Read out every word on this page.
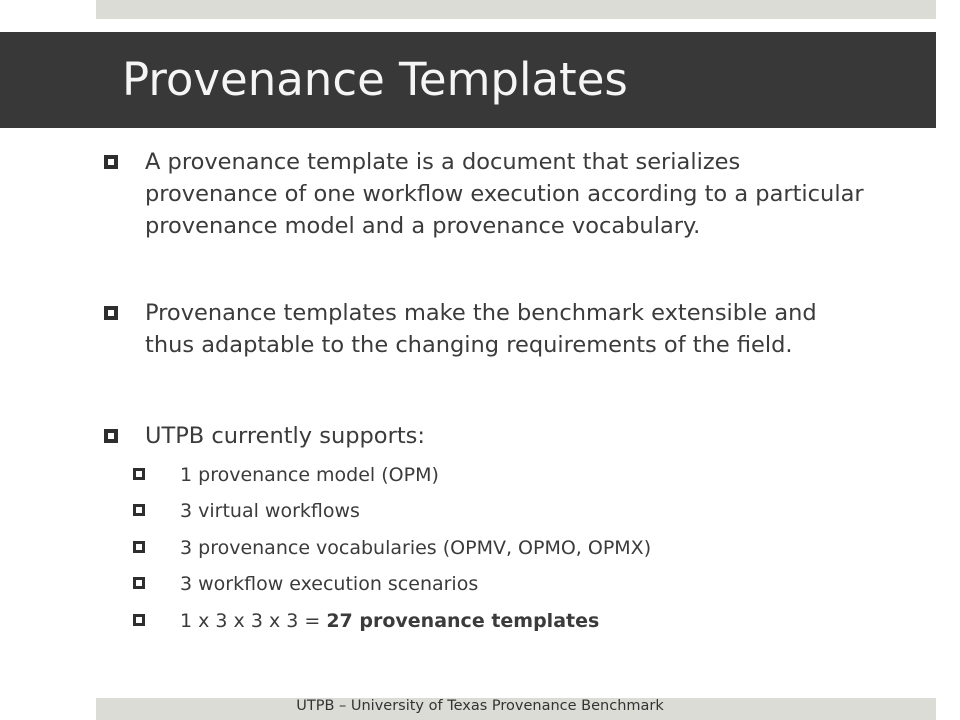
Provenance Templates
A provenance template is a document that serializes provenance of one workflow execution according to a particular provenance model and a provenance vocabulary.
Provenance templates make the benchmark extensible and thus adaptable to the changing requirements of the field.
UTPB currently supports:
1 provenance model (OPM)
3 virtual workflows
3 provenance vocabularies (OPMV, OPMO, OPMX)
3 workflow execution scenarios
1 x 3 x 3 x 3 = 27 provenance templates
UTPB – University of Texas Provenance Benchmark
